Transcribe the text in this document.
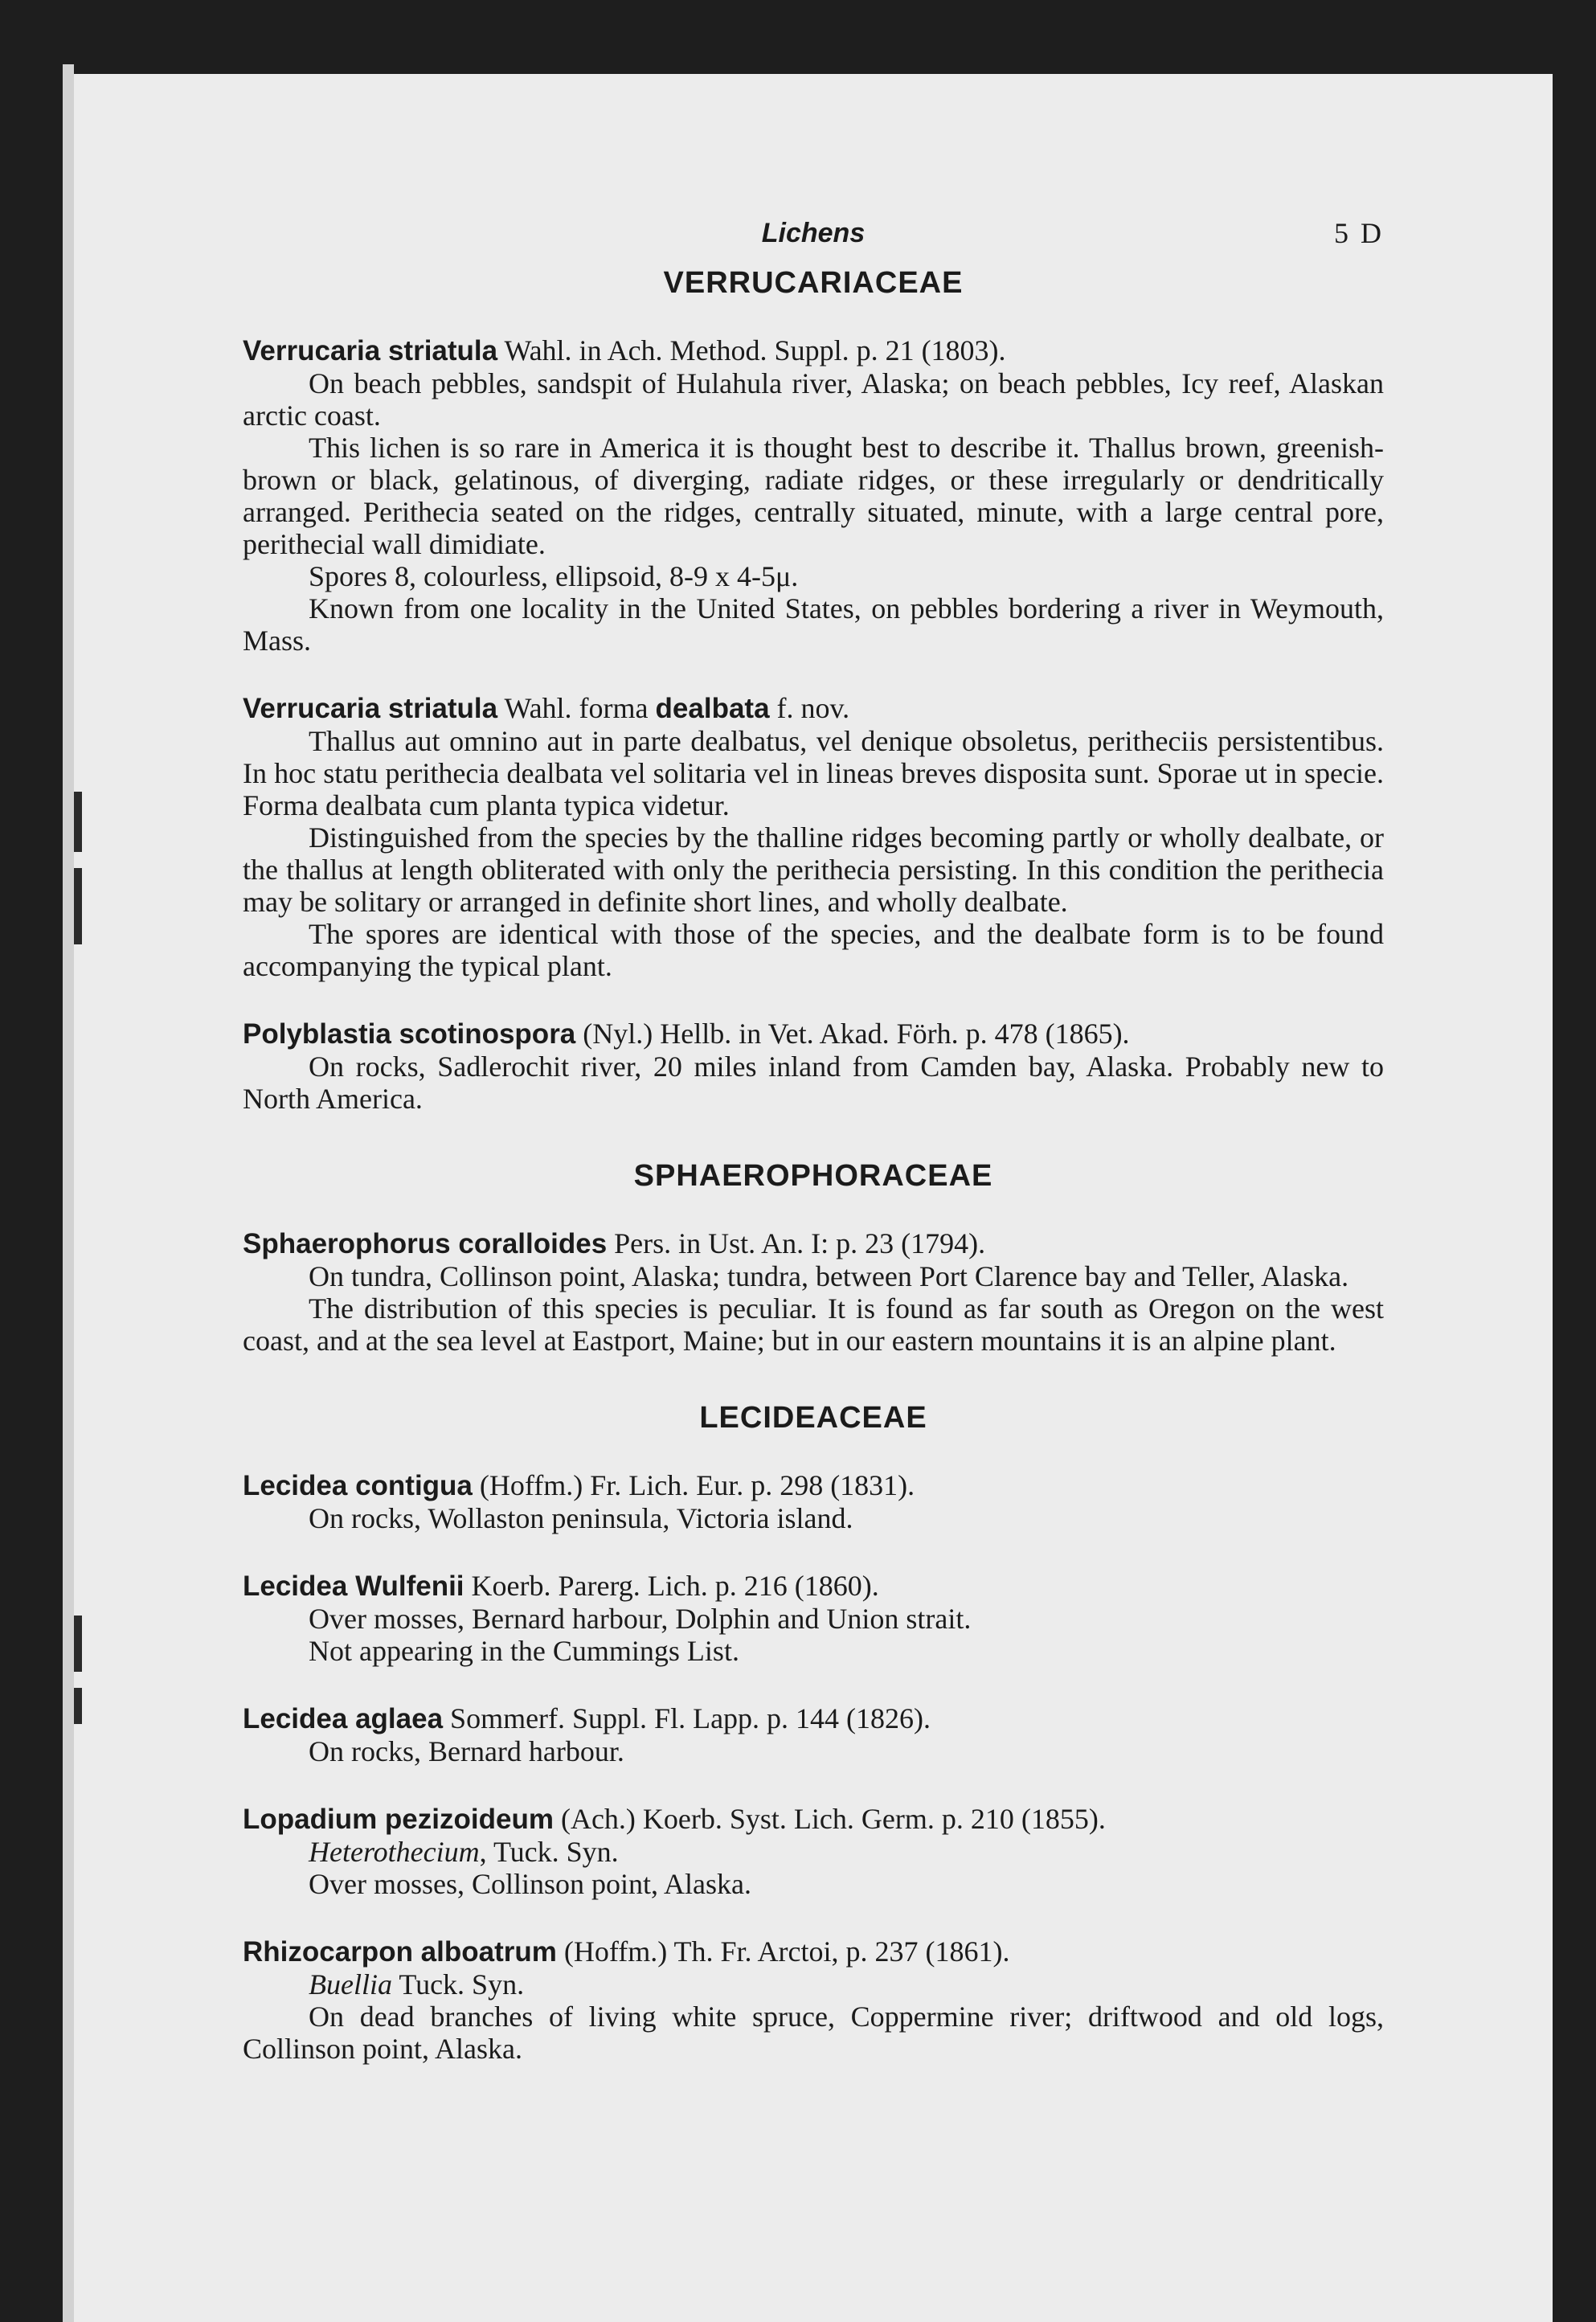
Lichens	5 D
VERRUCARIACEAE
Verrucaria striatula Wahl. in Ach. Method. Suppl. p. 21 (1803).
On beach pebbles, sandspit of Hulahula river, Alaska; on beach pebbles, Icy reef, Alaskan arctic coast.
This lichen is so rare in America it is thought best to describe it. Thallus brown, greenish-brown or black, gelatinous, of diverging, radiate ridges, or these irregularly or dendritically arranged. Perithecia seated on the ridges, centrally situated, minute, with a large central pore, perithecial wall dimidiate.
Spores 8, colourless, ellipsoid, 8-9 x 4-5μ.
Known from one locality in the United States, on pebbles bordering a river in Weymouth, Mass.
Verrucaria striatula Wahl. forma dealbata f. nov.
Thallus aut omnino aut in parte dealbatus, vel denique obsoletus, peritheciis persistentibus. In hoc statu perithecia dealbata vel solitaria vel in lineas breves disposita sunt. Sporae ut in specie. Forma dealbata cum planta typica videtur.
Distinguished from the species by the thalline ridges becoming partly or wholly dealbate, or the thallus at length obliterated with only the perithecia persisting. In this condition the perithecia may be solitary or arranged in definite short lines, and wholly dealbate.
The spores are identical with those of the species, and the dealbate form is to be found accompanying the typical plant.
Polyblastia scotinospora (Nyl.) Hellb. in Vet. Akad. Förh. p. 478 (1865).
On rocks, Sadlerochit river, 20 miles inland from Camden bay, Alaska. Probably new to North America.
SPHAEROPHORACEAE
Sphaerophorus coralloides Pers. in Ust. An. I: p. 23 (1794).
On tundra, Collinson point, Alaska; tundra, between Port Clarence bay and Teller, Alaska.
The distribution of this species is peculiar. It is found as far south as Oregon on the west coast, and at the sea level at Eastport, Maine; but in our eastern mountains it is an alpine plant.
LECIDEACEAE
Lecidea contigua (Hoffm.) Fr. Lich. Eur. p. 298 (1831).
On rocks, Wollaston peninsula, Victoria island.
Lecidea Wulfenii Koerb. Parerg. Lich. p. 216 (1860).
Over mosses, Bernard harbour, Dolphin and Union strait.
Not appearing in the Cummings List.
Lecidea aglaea Sommerf. Suppl. Fl. Lapp. p. 144 (1826).
On rocks, Bernard harbour.
Lopadium pezizoideum (Ach.) Koerb. Syst. Lich. Germ. p. 210 (1855).
Heterothecium, Tuck. Syn.
Over mosses, Collinson point, Alaska.
Rhizocarpon alboatrum (Hoffm.) Th. Fr. Arctoi, p. 237 (1861).
Buellia Tuck. Syn.
On dead branches of living white spruce, Coppermine river; driftwood and old logs, Collinson point, Alaska.
